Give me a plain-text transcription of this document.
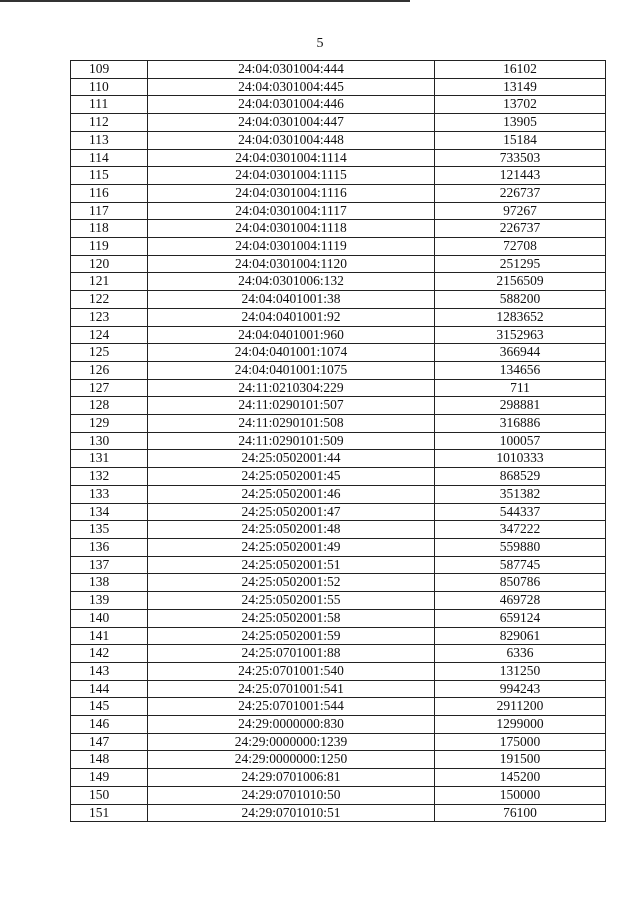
5
109	24:04:0301004:444	16102
110	24:04:0301004:445	13149
111	24:04:0301004:446	13702
112	24:04:0301004:447	13905
113	24:04:0301004:448	15184
114	24:04:0301004:1114	733503
115	24:04:0301004:1115	121443
116	24:04:0301004:1116	226737
117	24:04:0301004:1117	97267
118	24:04:0301004:1118	226737
119	24:04:0301004:1119	72708
120	24:04:0301004:1120	251295
121	24:04:0301006:132	2156509
122	24:04:0401001:38	588200
123	24:04:0401001:92	1283652
124	24:04:0401001:960	3152963
125	24:04:0401001:1074	366944
126	24:04:0401001:1075	134656
127	24:11:0210304:229	711
128	24:11:0290101:507	298881
129	24:11:0290101:508	316886
130	24:11:0290101:509	100057
131	24:25:0502001:44	1010333
132	24:25:0502001:45	868529
133	24:25:0502001:46	351382
134	24:25:0502001:47	544337
135	24:25:0502001:48	347222
136	24:25:0502001:49	559880
137	24:25:0502001:51	587745
138	24:25:0502001:52	850786
139	24:25:0502001:55	469728
140	24:25:0502001:58	659124
141	24:25:0502001:59	829061
142	24:25:0701001:88	6336
143	24:25:0701001:540	131250
144	24:25:0701001:541	994243
145	24:25:0701001:544	2911200
146	24:29:0000000:830	1299000
147	24:29:0000000:1239	175000
148	24:29:0000000:1250	191500
149	24:29:0701006:81	145200
150	24:29:0701010:50	150000
151	24:29:0701010:51	76100
